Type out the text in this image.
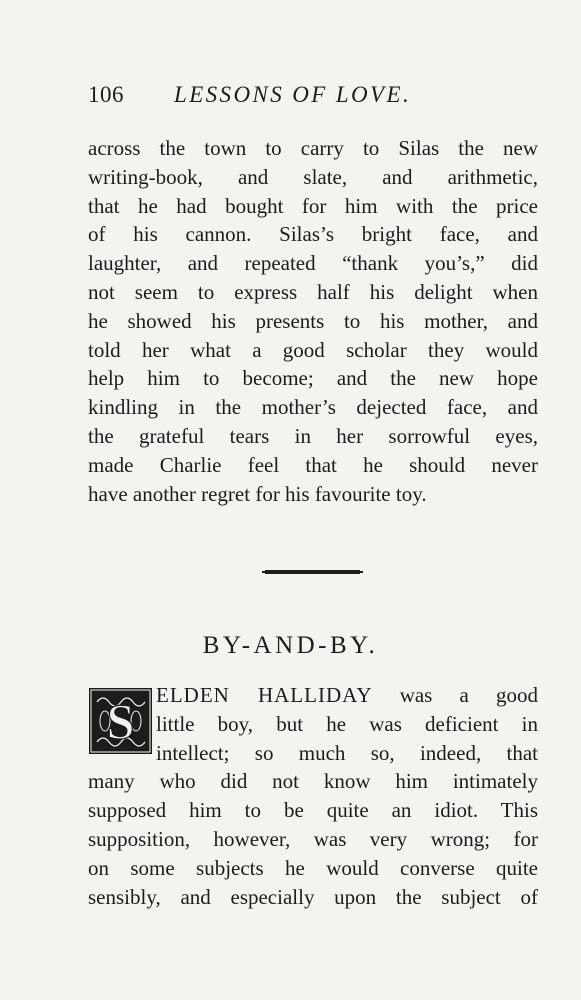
106 LESSONS OF LOVE.
across the town to carry to Silas the new
writing-book, and slate, and arithmetic,
that he had bought for him with the price
of his cannon. Silas’s bright face, and
laughter, and repeated “thank you’s,” did
not seem to express half his delight when
he showed his presents to his mother, and
told her what a good scholar they would
help him to become; and the new hope
kindling in the mother’s dejected face, and
the grateful tears in her sorrowful eyes,
made Charlie feel that he should never
have another regret for his favourite toy.
BY-AND-BY.
S	ELDEN HALLIDAY was a good
little boy, but he was deficient in
intellect; so much so, indeed, that
many who did not know him intimately
supposed him to be quite an idiot. This
supposition, however, was very wrong; for
on some subjects he would converse quite
sensibly, and especially upon the subject of
